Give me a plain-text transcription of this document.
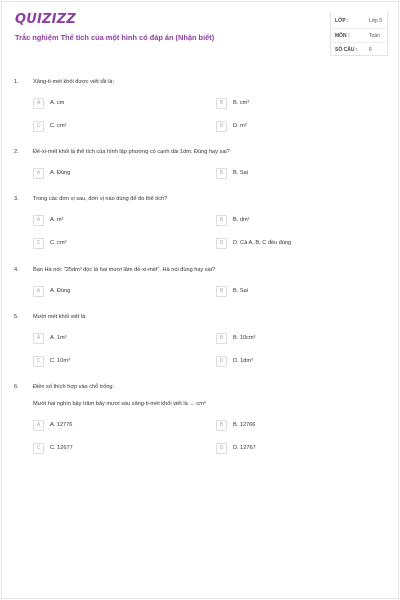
QUIZIZZ
Trắc nghiệm Thể tích của một hình có đáp án (Nhận biết)
LỚP :	Lớp 5
MÔN :	Toán
SỐ CÂU : 6
1.	Xăng-ti-mét khối được viết tắt là:
A	A. cm	B	B. cm³
C	C. cm²	D	D. m³
2.	Đề-xi-mét khối là thể tích của hình lập phương có cạnh dài 1dm. Đúng hay sai?
A	A. Đúng	B	B. Sai
3.	Trong các đơn vị sau, đơn vị nào dùng để đo thể tích?
A	A. m²	B	B. dm²
C	C. cm²	D	D. Cả A, B, C đều đúng
4.	Bạn Hà nói: "25dm³ đọc là hai mươi lăm đề-xi-mét". Hà nói đúng hay sai?
A	A. Đúng	B	B. Sai
5.	Mười mét khối viết là:
A	A. 1m³	B	B. 10cm³
C	C. 10m³	D	D. 1dm³
6.	Điền số thích hợp vào chỗ trống:
Mười hai nghìn bảy trăm bảy mươi sáu xăng-ti-mét khối viết là … cm³
A	A. 12776	B	B. 12766
C	C. 12677	D	D. 12767
